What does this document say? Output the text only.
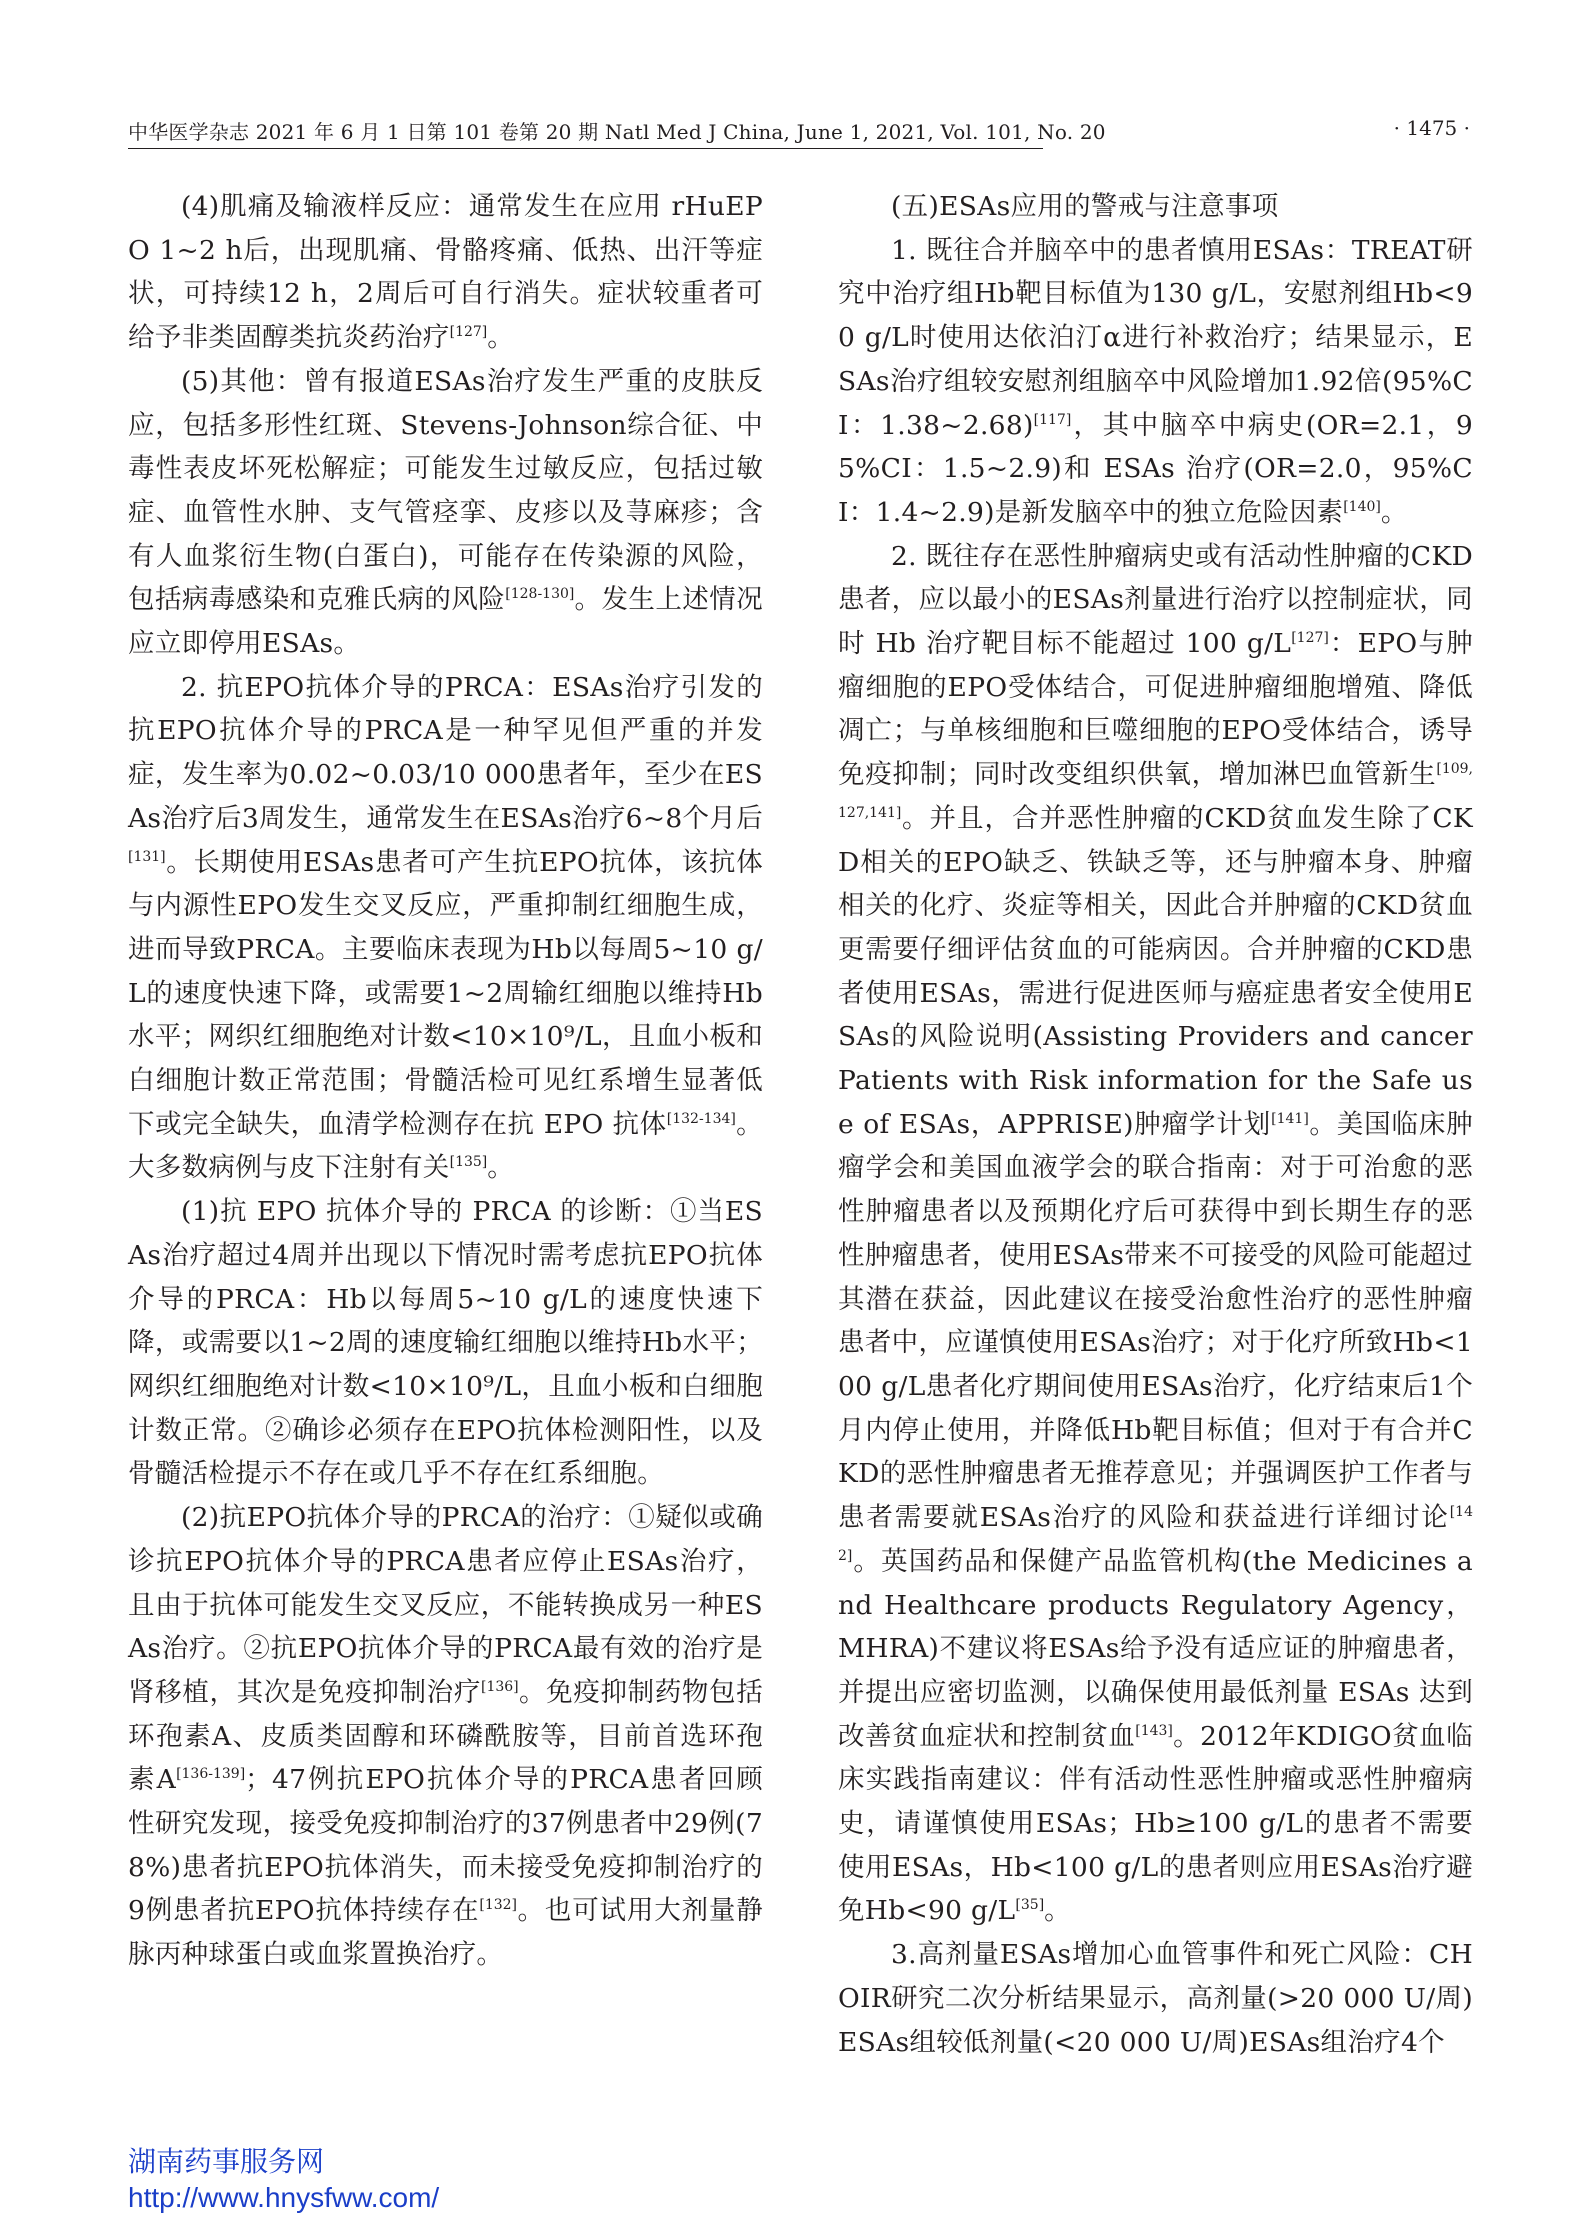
中华医学杂志 2021 年 6 月 1 日第 101 卷第 20 期 Natl Med J China, June 1, 2021, Vol. 101, No. 20	· 1475 ·

(4)肌痛及输液样反应：通常发生在应用 rHuEPO 1~2 h后，出现肌痛、骨骼疼痛、低热、出汗等症状，可持续12 h，2周后可自行消失。症状较重者可给予非类固醇类抗炎药治疗[127]。

(5)其他：曾有报道ESAs治疗发生严重的皮肤反应，包括多形性红斑、Stevens-Johnson综合征、中毒性表皮坏死松解症；可能发生过敏反应，包括过敏症、血管性水肿、支气管痉挛、皮疹以及荨麻疹；含有人血浆衍生物(白蛋白)，可能存在传染源的风险，包括病毒感染和克雅氏病的风险[128-130]。发生上述情况应立即停用ESAs。

2. 抗EPO抗体介导的PRCA：ESAs治疗引发的抗EPO抗体介导的PRCA是一种罕见但严重的并发症，发生率为0.02~0.03/10 000患者年，至少在ESAs治疗后3周发生，通常发生在ESAs治疗6~8个月后[131]。长期使用ESAs患者可产生抗EPO抗体，该抗体与内源性EPO发生交叉反应，严重抑制红细胞生成，进而导致PRCA。主要临床表现为Hb以每周5~10 g/L的速度快速下降，或需要1~2周输红细胞以维持Hb水平；网织红细胞绝对计数<10×10⁹/L，且血小板和白细胞计数正常范围；骨髓活检可见红系增生显著低下或完全缺失，血清学检测存在抗 EPO 抗体[132-134]。大多数病例与皮下注射有关[135]。

(1)抗 EPO 抗体介导的 PRCA 的诊断：①当ESAs治疗超过4周并出现以下情况时需考虑抗EPO抗体介导的PRCA：Hb以每周5~10 g/L的速度快速下降，或需要以1~2周的速度输红细胞以维持Hb水平；网织红细胞绝对计数<10×10⁹/L，且血小板和白细胞计数正常。②确诊必须存在EPO抗体检测阳性，以及骨髓活检提示不存在或几乎不存在红系细胞。

(2)抗EPO抗体介导的PRCA的治疗：①疑似或确诊抗EPO抗体介导的PRCA患者应停止ESAs治疗，且由于抗体可能发生交叉反应，不能转换成另一种ESAs治疗。②抗EPO抗体介导的PRCA最有效的治疗是肾移植，其次是免疫抑制治疗[136]。免疫抑制药物包括环孢素A、皮质类固醇和环磷酰胺等，目前首选环孢素A[136-139]；47例抗EPO抗体介导的PRCA患者回顾性研究发现，接受免疫抑制治疗的37例患者中29例(78%)患者抗EPO抗体消失，而未接受免疫抑制治疗的9例患者抗EPO抗体持续存在[132]。也可试用大剂量静脉丙种球蛋白或血浆置换治疗。

(五)ESAs应用的警戒与注意事项

1. 既往合并脑卒中的患者慎用ESAs：TREAT研究中治疗组Hb靶目标值为130 g/L，安慰剂组Hb<90 g/L时使用达依泊汀α进行补救治疗；结果显示，ESAs治疗组较安慰剂组脑卒中风险增加1.92倍(95%CI：1.38~2.68)[117]，其中脑卒中病史(OR=2.1，95%CI：1.5~2.9)和 ESAs 治疗(OR=2.0，95%CI：1.4~2.9)是新发脑卒中的独立危险因素[140]。

2. 既往存在恶性肿瘤病史或有活动性肿瘤的CKD患者，应以最小的ESAs剂量进行治疗以控制症状，同时 Hb 治疗靶目标不能超过 100 g/L[127]：EPO与肿瘤细胞的EPO受体结合，可促进肿瘤细胞增殖、降低凋亡；与单核细胞和巨噬细胞的EPO受体结合，诱导免疫抑制；同时改变组织供氧，增加淋巴血管新生[109,127,141]。并且，合并恶性肿瘤的CKD贫血发生除了CKD相关的EPO缺乏、铁缺乏等，还与肿瘤本身、肿瘤相关的化疗、炎症等相关，因此合并肿瘤的CKD贫血更需要仔细评估贫血的可能病因。合并肿瘤的CKD患者使用ESAs，需进行促进医师与癌症患者安全使用ESAs的风险说明(Assisting Providers and cancer Patients with Risk information for the Safe use of ESAs，APPRISE)肿瘤学计划[141]。美国临床肿瘤学会和美国血液学会的联合指南：对于可治愈的恶性肿瘤患者以及预期化疗后可获得中到长期生存的恶性肿瘤患者，使用ESAs带来不可接受的风险可能超过其潜在获益，因此建议在接受治愈性治疗的恶性肿瘤患者中，应谨慎使用ESAs治疗；对于化疗所致Hb<100 g/L患者化疗期间使用ESAs治疗，化疗结束后1个月内停止使用，并降低Hb靶目标值；但对于有合并CKD的恶性肿瘤患者无推荐意见；并强调医护工作者与患者需要就ESAs治疗的风险和获益进行详细讨论[142]。英国药品和保健产品监管机构(the Medicines and Healthcare products Regulatory Agency，MHRA)不建议将ESAs给予没有适应证的肿瘤患者，并提出应密切监测，以确保使用最低剂量 ESAs 达到改善贫血症状和控制贫血[143]。2012年KDIGO贫血临床实践指南建议：伴有活动性恶性肿瘤或恶性肿瘤病史，请谨慎使用ESAs；Hb≥100 g/L的患者不需要使用ESAs，Hb<100 g/L的患者则应用ESAs治疗避免Hb<90 g/L[35]。

3.高剂量ESAs增加心血管事件和死亡风险：CHOIR研究二次分析结果显示，高剂量(>20 000 U/周)ESAs组较低剂量(<20 000 U/周)ESAs组治疗4个

湖南药事服务网
http://www.hnysfww.com/
